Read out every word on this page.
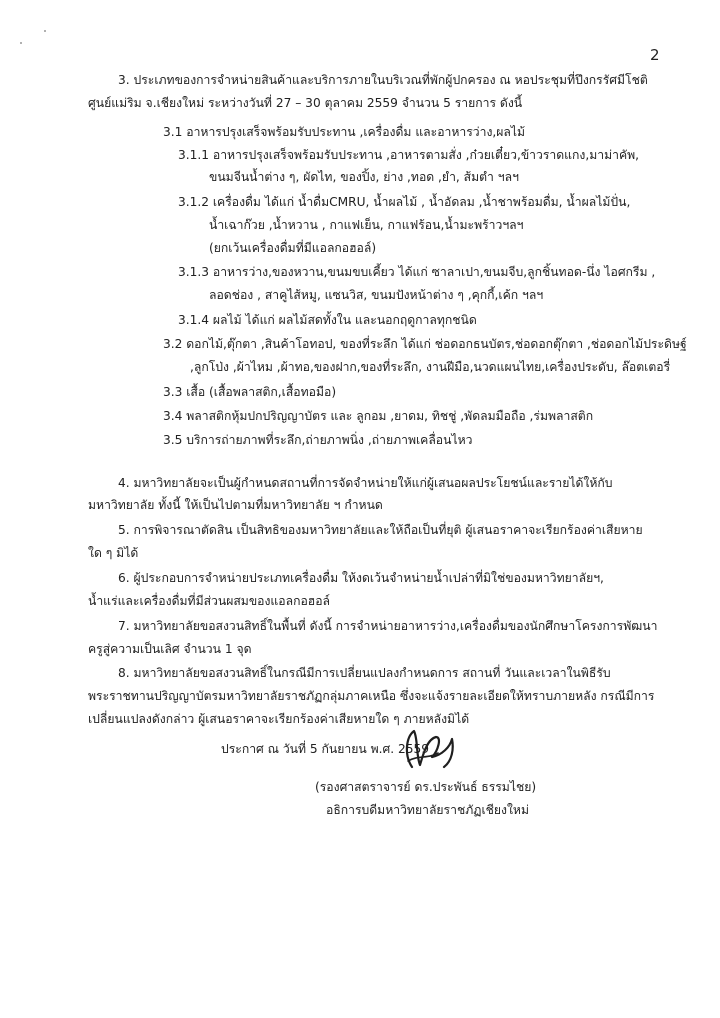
2
3. ประเภทของการจำหน่ายสินค้าและบริการภายในบริเวณที่พักผู้ปกครอง ณ หอประชุมที่ปึงกรรัศมีโชติ
ศูนย์แม่ริม จ.เชียงใหม่ ระหว่างวันที่ 27 – 30 ตุลาคม 2559 จำนวน 5 รายการ ดังนี้
3.1 อาหารปรุงเสร็จพร้อมรับประทาน ,เครื่องดื่ม และอาหารว่าง,ผลไม้
3.1.1 อาหารปรุงเสร็จพร้อมรับประทาน ,อาหารตามสั่ง ,ก๋วยเตี๋ยว,ข้าวราดแกง,มาม่าคัพ,
ขนมจีนน้ำต่าง ๆ, ผัดไท, ของปิ้ง, ย่าง ,ทอด ,ยำ, ส้มตำ ฯลฯ
3.1.2 เครื่องดื่ม ได้แก่ น้ำดื่มCMRU, น้ำผลไม้ , น้ำอัดลม ,น้ำชาพร้อมดื่ม, น้ำผลไม้ปั่น,
น้ำเฉาก๊วย ,น้ำหวาน , กาแฟเย็น, กาแฟร้อน,น้ำมะพร้าวฯลฯ
(ยกเว้นเครื่องดื่มที่มีแอลกอฮอล์)
3.1.3 อาหารว่าง,ของหวาน,ขนมขบเคี้ยว ได้แก่ ซาลาเปา,ขนมจีบ,ลูกชิ้นทอด-นึ่ง ไอศกรีม ,
ลอดช่อง , สาคูไส้หมู, แซนวิส, ขนมปังหน้าต่าง ๆ ,คุกกี้,เค้ก ฯลฯ
3.1.4 ผลไม้ ได้แก่ ผลไม้สดทั้งใน และนอกฤดูกาลทุกชนิด
3.2 ดอกไม้,ตุ๊กตา ,สินค้าโอทอป, ของที่ระลึก ได้แก่ ช่อดอกธนบัตร,ช่อดอกตุ๊กตา ,ช่อดอกไม้ประดิษฐ์
,ลูกโป่ง ,ผ้าไหม ,ผ้าทอ,ของฝาก,ของที่ระลึก, งานฝีมือ,นวดแผนไทย,เครื่องประดับ, ล๊อตเตอรี่
3.3 เสื้อ (เสื้อพลาสติก,เสื้อทอมือ)
3.4 พลาสติกหุ้มปกปริญญาบัตร และ ลูกอม ,ยาดม, ทิชชู่ ,พัดลมมือถือ ,ร่มพลาสติก
3.5 บริการถ่ายภาพที่ระลึก,ถ่ายภาพนิ่ง ,ถ่ายภาพเคลื่อนไหว
4. มหาวิทยาลัยจะเป็นผู้กำหนดสถานที่การจัดจำหน่ายให้แก่ผู้เสนอผลประโยชน์และรายได้ให้กับ
มหาวิทยาลัย ทั้งนี้ ให้เป็นไปตามที่มหาวิทยาลัย ฯ กำหนด
5. การพิจารณาตัดสิน เป็นสิทธิของมหาวิทยาลัยและให้ถือเป็นที่ยุติ ผู้เสนอราคาจะเรียกร้องค่าเสียหาย
ใด ๆ มิได้
6. ผู้ประกอบการจำหน่ายประเภทเครื่องดื่ม ให้งดเว้นจำหน่ายน้ำเปล่าที่มิใช่ของมหาวิทยาลัยฯ,
น้ำแร่และเครื่องดื่มที่มีส่วนผสมของแอลกอฮอล์
7. มหาวิทยาลัยขอสงวนสิทธิ์ในพื้นที่ ดังนี้ การจำหน่ายอาหารว่าง,เครื่องดื่มของนักศึกษาโครงการพัฒนา
ครูสู่ความเป็นเลิศ จำนวน 1 จุด
8. มหาวิทยาลัยขอสงวนสิทธิ์ในกรณีมีการเปลี่ยนแปลงกำหนดการ สถานที่ วันและเวลาในพิธีรับ
พระราชทานปริญญาบัตรมหาวิทยาลัยราชภัฏกลุ่มภาคเหนือ ซึ่งจะแจ้งรายละเอียดให้ทราบภายหลัง กรณีมีการ
เปลี่ยนแปลงดังกล่าว ผู้เสนอราคาจะเรียกร้องค่าเสียหายใด ๆ ภายหลังมิได้
ประกาศ ณ วันที่ 5 กันยายน พ.ศ. 2559
(รองศาสตราจารย์ ดร.ประพันธ์ ธรรมไชย)
อธิการบดีมหาวิทยาลัยราชภัฏเชียงใหม่
